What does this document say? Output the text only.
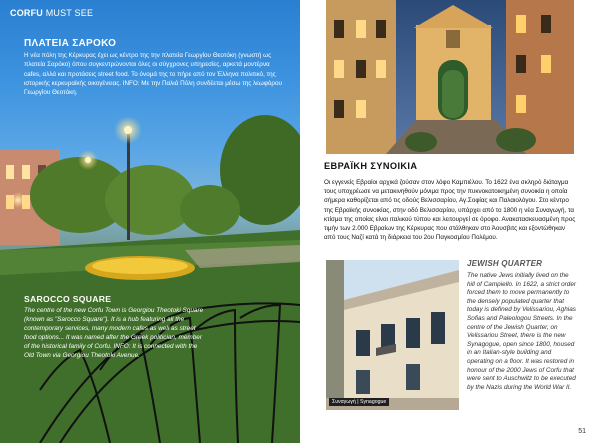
CORFU MUST SEE
ΠΛΑΤΕΙΑ ΣΑΡΟΚΟ
Η νέα πόλη της Κέρκυρας έχει ως κέντρο της την πλατεία Γεωργίου Θεοτόκη (γνωστή ως πλατεία Σαρόκο) όπου συγκεντρώνονται όλες οι σύγχρονες υπηρεσίες, αρκετά μοντέρνα cafes, αλλά και προτάσεις street food. Το όνομά της το πήρε από τον Έλληνα πολιτικό, της ιστορικής κερκυραϊκής οικογένειας. INFO: Με την Παλιά Πόλη συνδέεται μέσω της λεωφόρου Γεωργίου Θεοτόκη.
SAROCCO SQUARE
The centre of the new Corfu Town is Georgiou Theotoki Square (known as "Sarocco Square"). It is a hub featuring all the contemporary services, many modern cafes as well as street food options... It was named after the Greek politician, member of the historical family of Corfu. INFO: It is connected with the Old Town via Georgiou Theotoki Avenue.
ΕΒΡΑΪΚΗ ΣΥΝΟΙΚΙΑ
Οι εγγενείς Εβραίοι αρχικά ζούσαν στον λόφο Καμπιέλου. Το 1622 ένα σκληρό διάταγμα τους υποχρέωσε να μετακινηθούν μόνιμα προς την πυκνοκατοικημένη συνοικία η οποία σήμερα καθορίζεται από τις οδούς Βελισσαρίου, Αγ.Σοφίας και Παλαιολόγου. Στο κέντρο της Εβραϊκής συνοικίας, στην οδό Βελισσαρίου, υπάρχει από το 1800 η νέα Συναγωγή, τα κτίσμα της οποίας είναι ιταλικού τύπου και λειτουργεί σε όροφο. Ανακατασκευασμένη προς τιμήν των 2.000 Εβραίων της Κέρκυρας που στάλθηκαν στο Άουσβιτς και εξοντώθηκαν από τους Ναζί κατά τη διάρκεια του 2ου Παγκοσμίου Πολέμου.
Συναγωγή | Synagogue
JEWISH QUARTER
The native Jews initially lived on the hill of Campiello. In 1622, a strict order forced them to move permanently to the densely populated quarter that today is defined by Velissariou, Aghias Sofias and Paleologou Streets. In the centre of the Jewish Quarter, on Velissariou Street, there is the new Synagogue, open since 1800, housed in an Italian-style building and operating on a floor. It was restored in honour of the 2000 Jews of Corfu that were sent to Auschwitz to be executed by the Nazis during the World War II.
51
